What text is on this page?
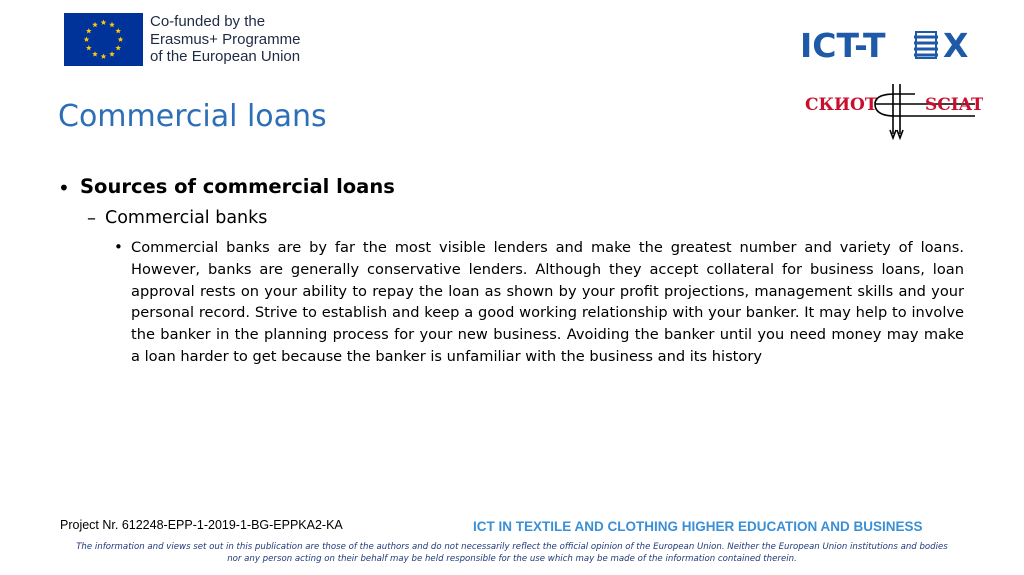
Co-funded by the
Erasmus+ Programme
of the European Union	ICT-T X
СКИОТ	SCIAT
Commercial loans
• Sources of commercial loans
– Commercial banks
• Commercial banks are by far the most visible lenders and make the greatest number and variety of loans. However, banks are generally conservative lenders. Although they accept collateral for business loans, loan approval rests on your ability to repay the loan as shown by your profit projections, management skills and your personal record. Strive to establish and keep a good working relationship with your banker. It may help to involve the banker in the planning process for your new business. Avoiding the banker until you need money may make a loan harder to get because the banker is unfamiliar with the business and its history
Project Nr. 612248-EPP-1-2019-1-BG-EPPKA2-KA	ICT IN TEXTILE AND CLOTHING HIGHER EDUCATION AND BUSINESS
The information and views set out in this publication are those of the authors and do not necessarily reflect the official opinion of the European Union. Neither the European Union institutions and bodies nor any person acting on their behalf may be held responsible for the use which may be made of the information contained therein.
